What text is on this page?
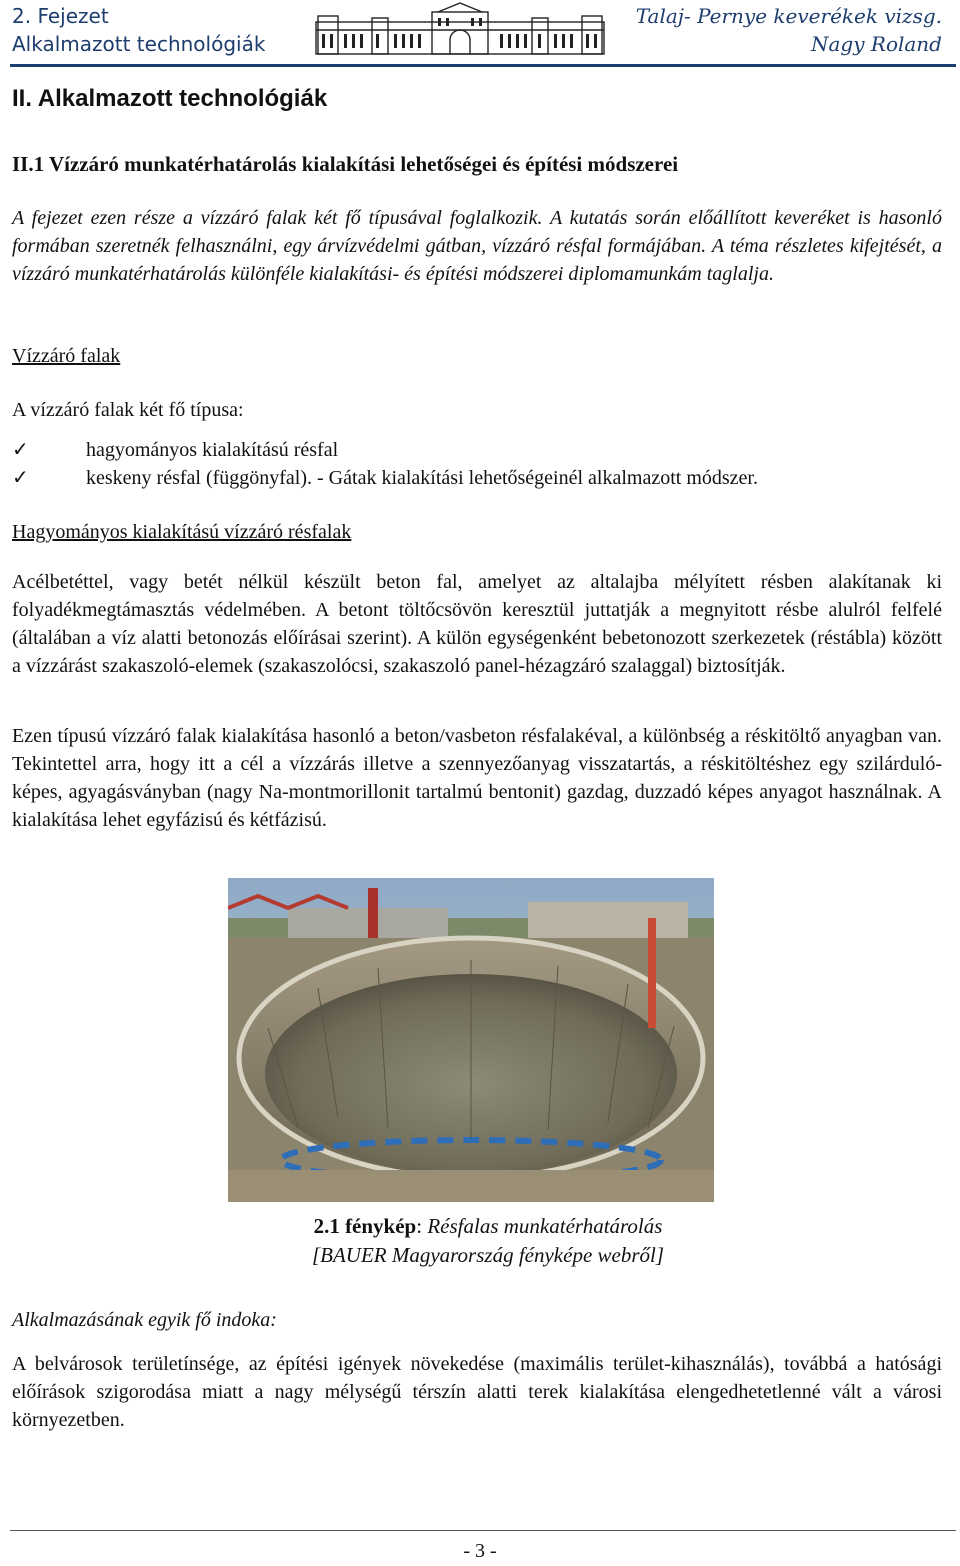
2. Fejezet
Alkalmazott technológiák
Talaj- Pernye keverékek vizsg.
Nagy Roland
II. Alkalmazott technológiák
II.1 Vízzáró munkatérhatárolás kialakítási lehetőségei és építési módszerei

A fejezet ezen része a vízzáró falak két fő típusával foglalkozik. A kutatás során előállított keveréket is hasonló formában szeretnék felhasználni, egy árvízvédelmi gátban, vízzáró résfal formájában. A téma részletes kifejtését, a vízzáró munkatérhatárolás különféle kialakítási- és építési módszerei diplomamunkám taglalja.

Vízzáró falak
A vízzáró falak két fő típusa:
✓	hagyományos kialakítású résfal
✓	keskeny résfal (függönyfal). - Gátak kialakítási lehetőségeinél alkalmazott módszer.
Hagyományos kialakítású vízzáró résfalak

Acélbetéttel, vagy betét nélkül készült beton fal, amelyet az altalajba mélyített résben alakítanak ki folyadékmegtámasztás védelmében. A betont töltőcsövön keresztül juttatják a megnyitott résbe alulról felfelé (általában a víz alatti betonozás előírásai szerint). A külön egységenként bebetonozott szerkezetek (réstábla) között a vízzárást szakaszoló-elemek (szakaszolócsi, szakaszoló panel-hézagzáró szalaggal) biztosítják.

Ezen típusú vízzáró falak kialakítása hasonló a beton/vasbeton résfalakéval, a különbség a réskitöltő anyagban van. Tekintettel arra, hogy itt a cél a vízzárás illetve a szennyezőanyag visszatartás, a réskitöltéshez egy szilárduló-képes, agyagásványban (nagy Na-montmorillonit tartalmú bentonit) gazdag, duzzadó képes anyagot használnak. A kialakítása lehet egyfázisú és kétfázisú.

2.1 fénykép: Résfalas munkatérhatárolás
[BAUER Magyarország fényképe webről]
Alkalmazásának egyik fő indoka:

A belvárosok területínsége, az építési igények növekedése (maximális terület-kihasználás), továbbá a hatósági előírások szigorodása miatt a nagy mélységű térszín alatti terek kialakítása elengedhetetlenné vált a városi környezetben.

- 3 -
